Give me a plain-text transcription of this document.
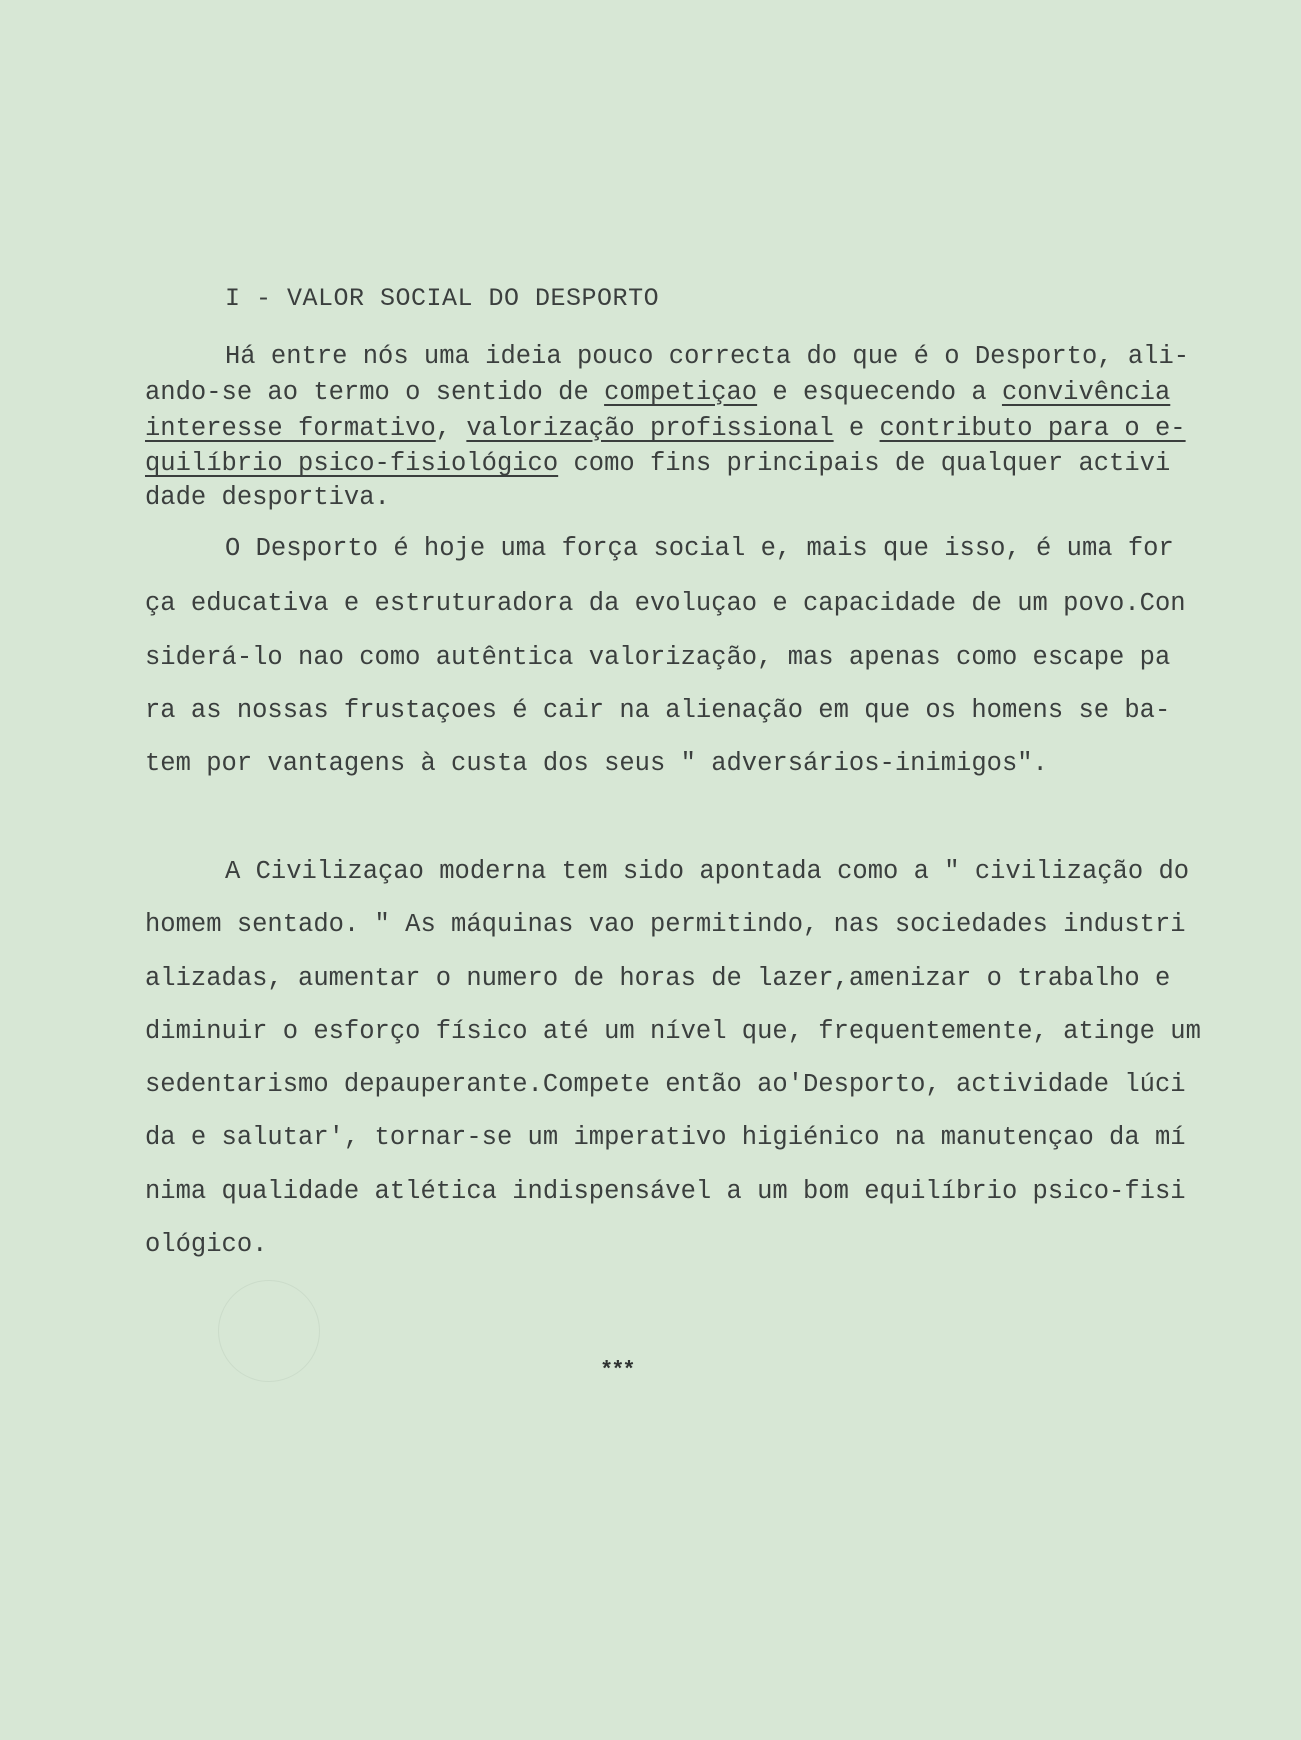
I - VALOR SOCIAL DO DESPORTO
Há entre nós uma ideia pouco correcta do que é o Desporto, ali-
ando-se ao termo o sentido de competiçao e esquecendo a convivência
interesse formativo, valorização profissional e contributo para o e-
quilíbrio psico-fisiológico como fins principais de qualquer activi
dade desportiva.
O Desporto é hoje uma força social e, mais que isso, é uma for
ça educativa e estruturadora da evoluçao e capacidade de um povo.Con
siderá-lo nao como autêntica valorização, mas apenas como escape pa
ra as nossas frustaçoes é cair na alienação em que os homens se ba-
tem por vantagens à custa dos seus " adversários-inimigos".
A Civilizaçao moderna tem sido apontada como a " civilização do
homem sentado. " As máquinas vao permitindo, nas sociedades industri
alizadas, aumentar o numero de horas de lazer,amenizar o trabalho e
diminuir o esforço físico até um nível que, frequentemente, atinge um
sedentarismo depauperante.Compete então ao'Desporto, actividade lúci
da e salutar', tornar-se um imperativo higiénico na manutençao da mí
nima qualidade atlética indispensável a um bom equilíbrio psico-fisi
ológico.
***
